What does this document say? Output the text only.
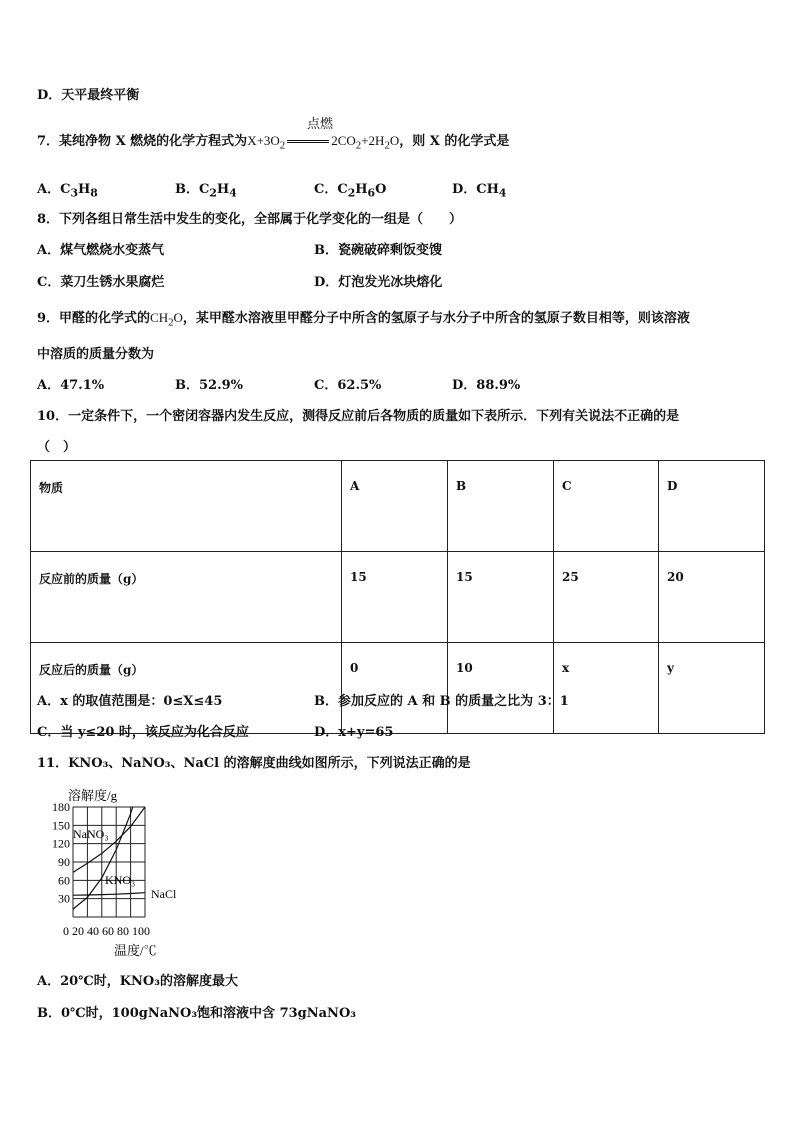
D．天平最终平衡
7．某纯净物 X 燃烧的化学方程式为$X+3O_2$	$2CO_2+2H_2O$，则 X 的化学式是
点燃
A．$C_3H_8$	B．$C_2H_4$	C．$C_2H_6O$	D．$CH_4$
8．下列各组日常生活中发生的变化，全部属于化学变化的一组是（　　）
A．煤气燃烧水变蒸气	B．瓷碗破碎剩饭变馊
C．菜刀生锈水果腐烂	D．灯泡发光冰块熔化
9．甲醛的化学式的$CH_2O$，某甲醛水溶液里甲醛分子中所含的氢原子与水分子中所含的氢原子数目相等，则该溶液
中溶质的质量分数为
A．47.1%	B．52.9%	C．62.5%	D．88.9%
10．一定条件下，一个密闭容器内发生反应，测得反应前后各物质的质量如下表所示．下列有关说法不正确的是
（　）
物质	A	B	C	D
反应前的质量（g）	15	15	25	20
反应后的质量（g）	0	10	x	y
A．x 的取值范围是：0≤X≤45	B．参加反应的 A 和 B 的质量之比为 3：1
C．当 y≤20 时，该反应为化合反应	D．x+y=65
11．KNO₃、NaNO₃、NaCl 的溶解度曲线如图所示，下列说法正确的是
30
60
90
120
150
180
溶解度/g
0 20 40 60 80 100
温度/℃
NaNO₃
KNO₃
NaCl
A．20℃时，KNO₃的溶解度最大
B．0℃时，100gNaNO₃饱和溶液中含 73gNaNO₃
